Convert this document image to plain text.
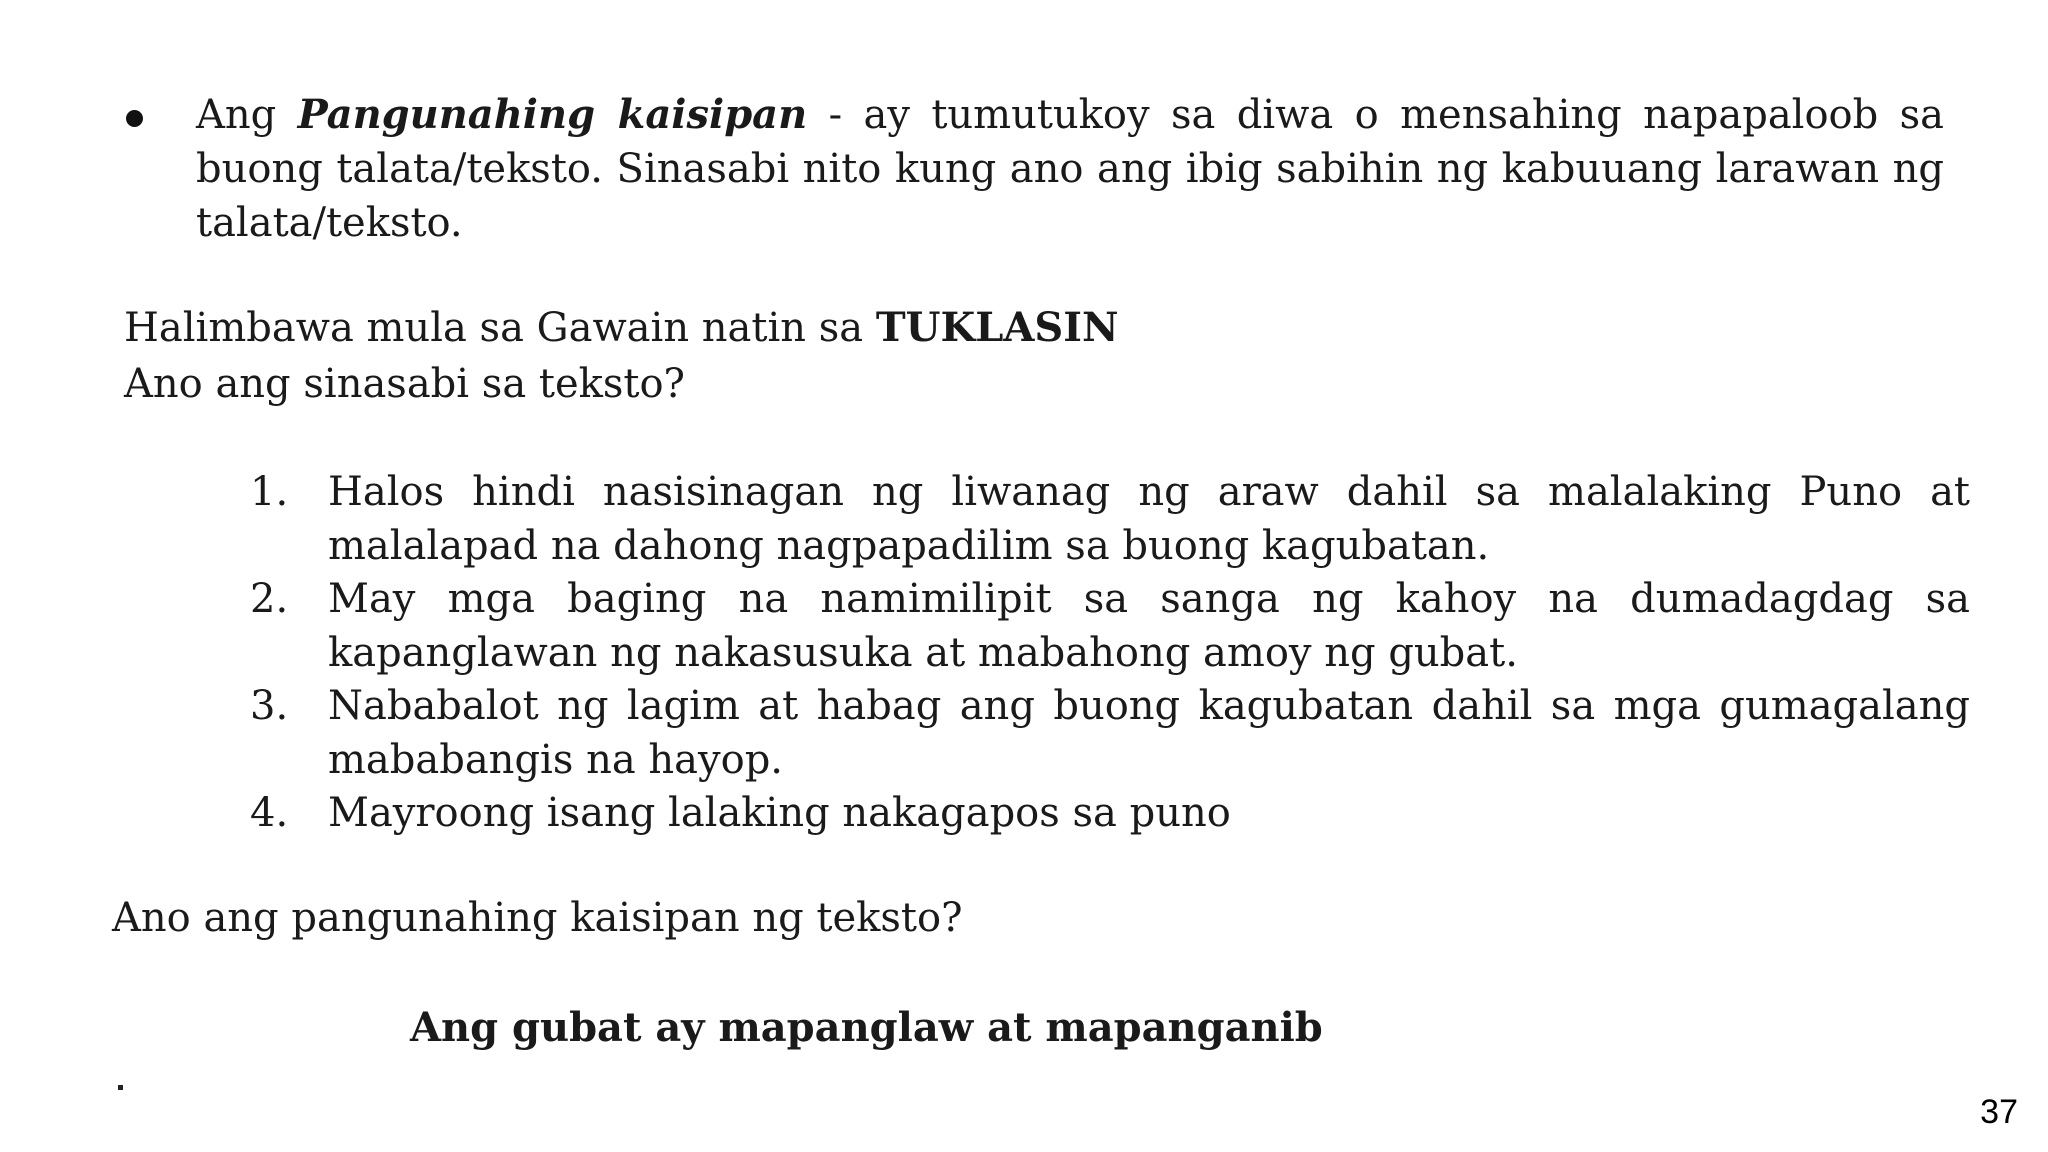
Ang Pangunahing kaisipan - ay tumutukoy sa diwa o mensahing napapaloob sa buong talata/teksto. Sinasabi nito kung ano ang ibig sabihin ng kabuuang larawan ng talata/teksto.

Halimbawa mula sa Gawain natin sa TUKLASIN
Ano ang sinasabi sa teksto?
1. Halos hindi nasisinagan ng liwanag ng araw dahil sa malalaking Puno at malalapad na dahong nagpapadilim sa buong kagubatan.
2. May mga baging na namimilipit sa sanga ng kahoy na dumadagdag sa kapanglawan ng nakasusuka at mabahong amoy ng gubat.
3. Nababalot ng lagim at habag ang buong kagubatan dahil sa mga gumagalang mababangis na hayop.
4. Mayroong isang lalaking nakagapos sa puno
Ano ang pangunahing kaisipan ng teksto?
Ang gubat ay mapanglaw at mapanganib
37
